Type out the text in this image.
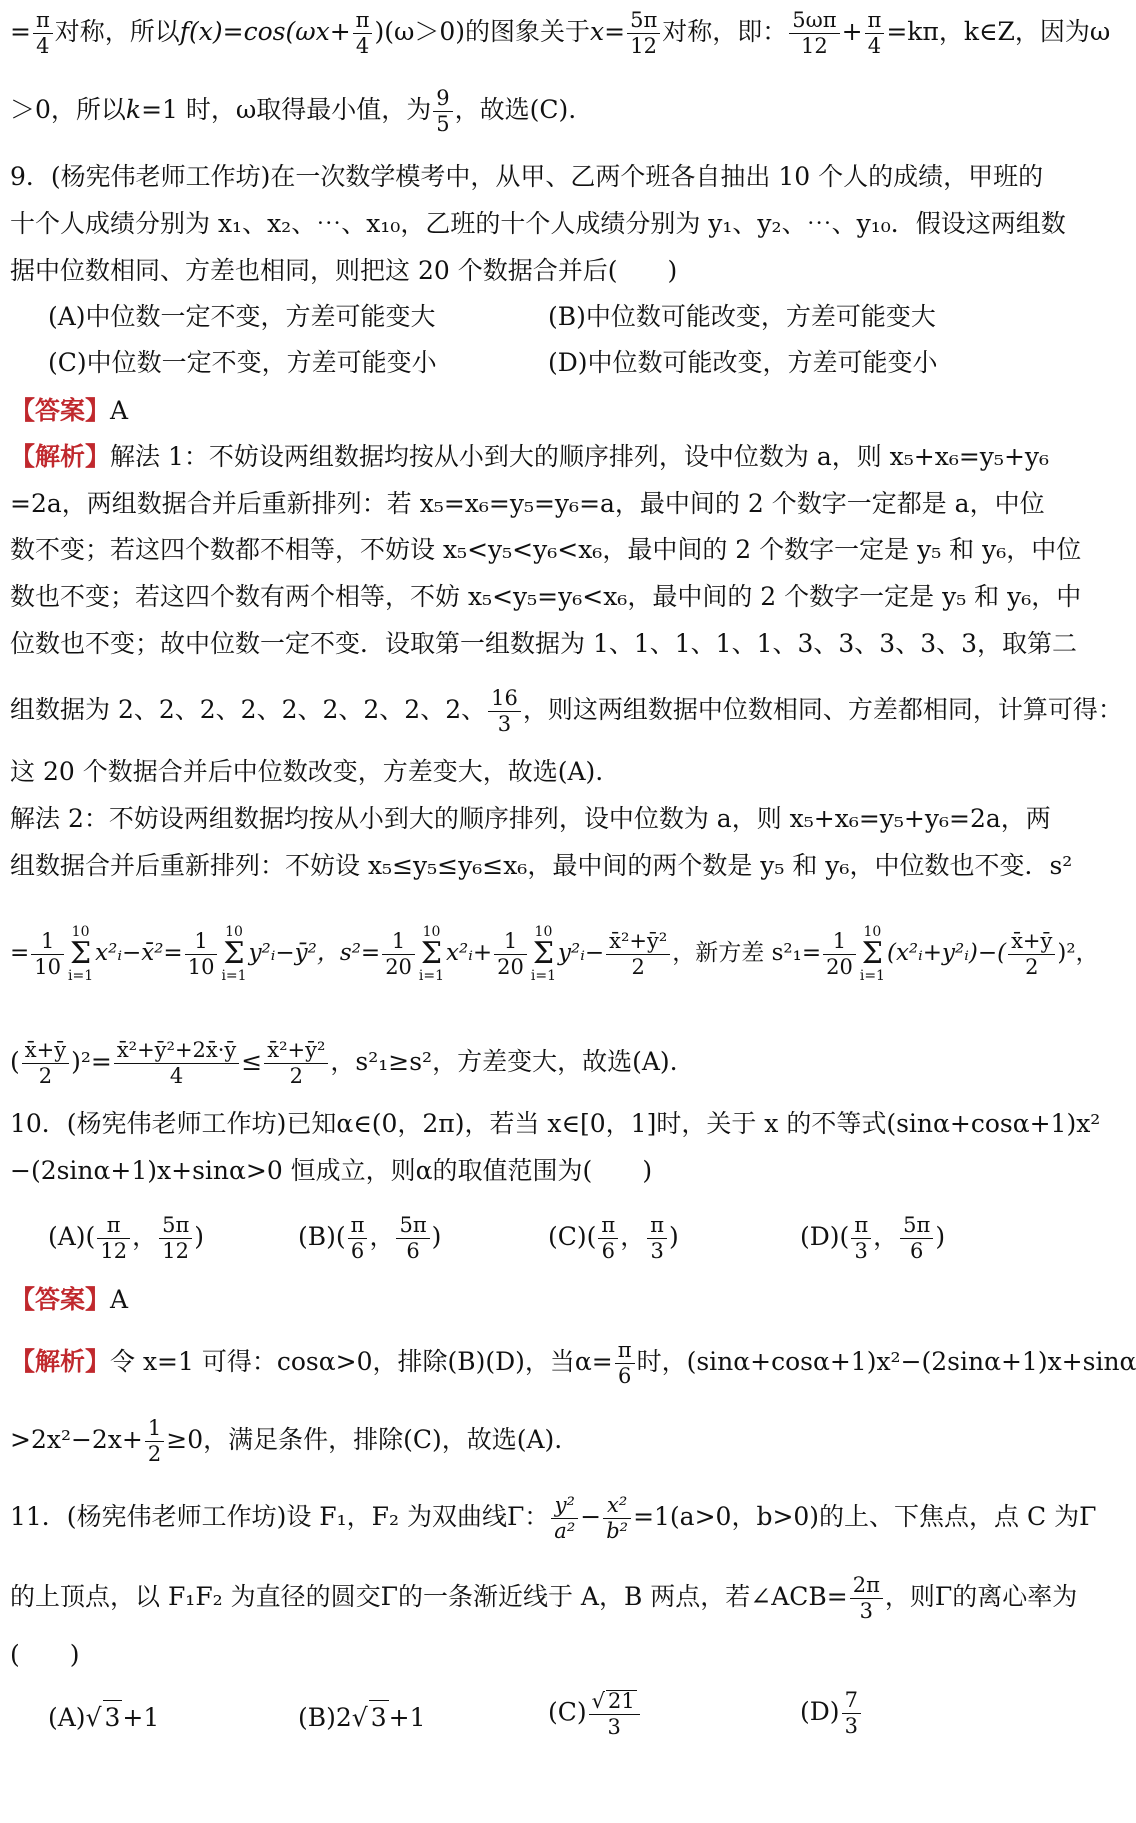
= $\frac{\pi}{4}$ 对称，所以$f(x)=\cos(\omega x+ \frac{\pi}{4} )(\omega>0)$的图象关于$x= \frac{5\pi}{12}$ 对称，即： $\frac{5\omega\pi}{12} + \frac{\pi}{4} =k\pi$，k∈Z，因为ω
＞0，所以k=1 时，ω取得最小值，为 $\frac{9}{5}$ ，故选(C).
9．(杨宪伟老师工作坊)在一次数学模考中，从甲、乙两个班各自抽出 10 个人的成绩，甲班的
十个人成绩分别为 x₁、x₂、⋯、x₁₀，乙班的十个人成绩分别为 y₁、y₂、⋯、y₁₀．假设这两组数
据中位数相同、方差也相同，则把这 20 个数据合并后(　　)
(A)中位数一定不变，方差可能变大	(B)中位数可能改变，方差可能变大
(C)中位数一定不变，方差可能变小	(D)中位数可能改变，方差可能变小
【答案】A
【解析】解法 1：不妨设两组数据均按从小到大的顺序排列，设中位数为 a，则 x₅+x₆=y₅+y₆
=2a，两组数据合并后重新排列：若 x₅=x₆=y₅=y₆=a，最中间的 2 个数字一定都是 a，中位
数不变；若这四个数都不相等，不妨设 x₅<y₅<y₆<x₆，最中间的 2 个数字一定是 y₅ 和 y₆，中位
数也不变；若这四个数有两个相等，不妨 x₅<y₅=y₆<x₆，最中间的 2 个数字一定是 y₅ 和 y₆，中
位数也不变；故中位数一定不变．设取第一组数据为 1、1、1、1、1、3、3、3、3、3，取第二
组数据为 2、2、2、2、2、2、2、2、2、 $\frac{16}{3}$ ，则这两组数据中位数相同、方差都相同，计算可得：
这 20 个数据合并后中位数改变，方差变大，故选(A).
解法 2：不妨设两组数据均按从小到大的顺序排列，设中位数为 a，则 x₅+x₆=y₅+y₆=2a，两
组数据合并后重新排列：不妨设 x₅≤y₅≤y₆≤x₆，最中间的两个数是 y₅ 和 y₆，中位数也不变．s²
= $\frac{1}{10} 10$
Σ
i=1
x²ᵢ−x̄²= $\frac{1}{10} 10$
Σ
i=1
y²ᵢ−ȳ²，$s^2= \frac{1}{20} 10$
Σ
i=1
x²ᵢ+ $\frac{1}{20} 10$
Σ
i=1
y²ᵢ− $\frac{\text{x̄²+ȳ²}}{2}$ ，新方差 $s^2_1= \frac{1}{20} 10$
Σ
i=1
(x²ᵢ+y²ᵢ)−( $\frac{x̄+ȳ}{2} )^2$，
( $\frac{x̄+ȳ}{2} )^2= \frac{\text{x̄²+ȳ²+2x̄·ȳ}}{4} \le \frac{\text{x̄²+ȳ²}}{2}$ ，s²₁≥s²，方差变大，故选(A).
10．(杨宪伟老师工作坊)已知α∈(0，2π)，若当 x∈[0，1]时，关于 x 的不等式(sinα+cosα+1)x²
−(2sinα+1)x+sinα>0 恒成立，则α的取值范围为(　　)
$(A)( \frac{\pi}{12}$ ， $\frac{5\pi}{12}$ )	$(B)( \frac{\pi}{6}$ ， $\frac{5\pi}{6}$ )	$(C)( \frac{\pi}{6}$ ， $\frac{\pi}{3}$ )	$(D)( \frac{\pi}{3}$ ， $\frac{5\pi}{6}$ )
【答案】A
【解析】令 x=1 可得：cosα>0，排除(B)(D)，当$\alpha= \frac{\pi}{6}$ 时，(sinα+cosα+1)x²−(2sinα+1)x+sinα
$>2x^2-2x+ \frac{1}{2} \ge 0$，满足条件，排除(C)，故选(A).
11．(杨宪伟老师工作坊)设 F₁，F₂ 为双曲线Γ： $\frac{\text{y²}}{\text{a²}} - \frac{\text{x²}}{\text{b²}} =1(a>0$，b>0)的上、下焦点，点 C 为Γ
的上顶点，以 F₁F₂ 为直径的圆交Γ的一条渐近线于 A，B 两点，若∠ACB= $\frac{2\pi}{3}$ ，则Γ的离心率为
(　　)
(A)√ 3+1	(B)2√ 3+1	$(C) \frac{√ 21}{3}$	$(D) \frac{7}{3}$
